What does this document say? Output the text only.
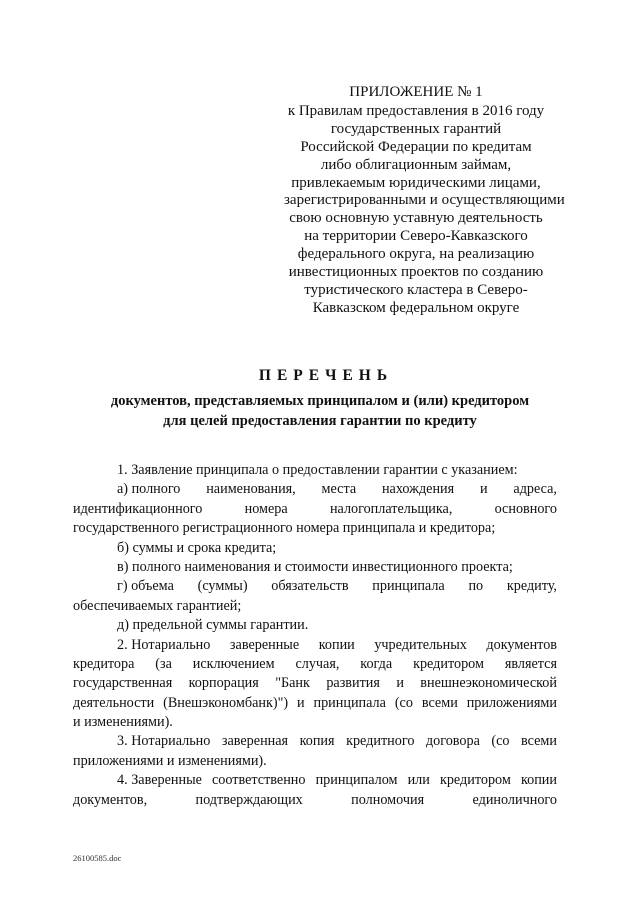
ПРИЛОЖЕНИЕ № 1
к Правилам предоставления в 2016 году
государственных гарантий
Российской Федерации по кредитам
либо облигационным займам,
привлекаемым юридическими лицами,
зарегистрированными и осуществляющими
свою основную уставную деятельность
на территории Северо-Кавказского
федерального округа, на реализацию
инвестиционных проектов по созданию
туристического кластера в Северо-
Кавказском федеральном округе
ПЕРЕЧЕНЬ
документов, представляемых принципалом и (или) кредитором
для целей предоставления гарантии по кредиту
1. Заявление принципала о предоставлении гарантии с указанием:
а) полного наименования, места нахождения и адреса,
идентификационного	номера	налогоплательщика,	основного
государственного регистрационного номера принципала и кредитора;
б) суммы и срока кредита;
в) полного наименования и стоимости инвестиционного проекта;
г) объема (суммы) обязательств принципала по кредиту,
обеспечиваемых гарантией;
д) предельной суммы гарантии.
2. Нотариально заверенные копии учредительных документов
кредитора (за исключением случая, когда кредитором является
государственная корпорация "Банк развития и внешнеэкономической
деятельности (Внешэкономбанк)") и принципала (со всеми приложениями
и изменениями).
3. Нотариально заверенная копия кредитного договора (со всеми
приложениями и изменениями).
4. Заверенные соответственно принципалом или кредитором копии
документов,	подтверждающих	полномочия	единоличного
26100585.doc
